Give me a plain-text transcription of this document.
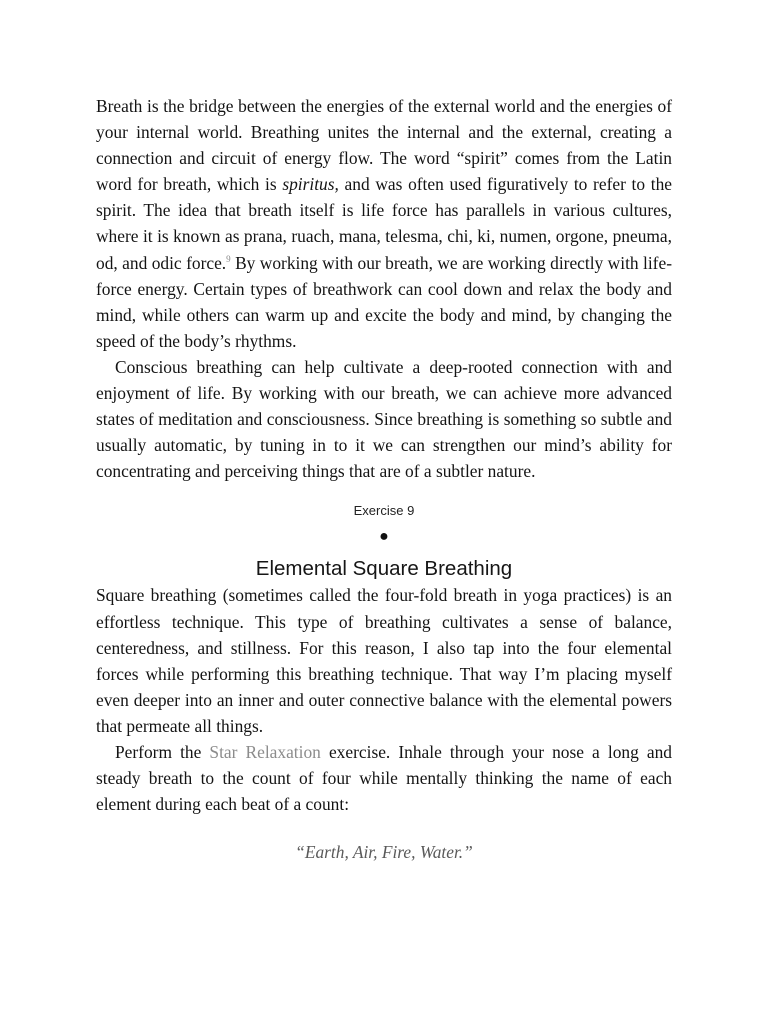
Breath is the bridge between the energies of the external world and the energies of your internal world. Breathing unites the internal and the external, creating a connection and circuit of energy flow. The word “spirit” comes from the Latin word for breath, which is spiritus, and was often used figuratively to refer to the spirit. The idea that breath itself is life force has parallels in various cultures, where it is known as prana, ruach, mana, telesma, chi, ki, numen, orgone, pneuma, od, and odic force.$^9$ By working with our breath, we are working directly with life-force energy. Certain types of breathwork can cool down and relax the body and mind, while others can warm up and excite the body and mind, by changing the speed of the body’s rhythms.

Conscious breathing can help cultivate a deep-rooted connection with and enjoyment of life. By working with our breath, we can achieve more advanced states of meditation and consciousness. Since breathing is something so subtle and usually automatic, by tuning in to it we can strengthen our mind’s ability for concentrating and perceiving things that are of a subtler nature.

Exercise 9
●
Elemental Square Breathing

Square breathing (sometimes called the four-fold breath in yoga practices) is an effortless technique. This type of breathing cultivates a sense of balance, centeredness, and stillness. For this reason, I also tap into the four elemental forces while performing this breathing technique. That way I’m placing myself even deeper into an inner and outer connective balance with the elemental powers that permeate all things.

Perform the Star Relaxation exercise. Inhale through your nose a long and steady breath to the count of four while mentally thinking the name of each element during each beat of a count:

“Earth, Air, Fire, Water.”
